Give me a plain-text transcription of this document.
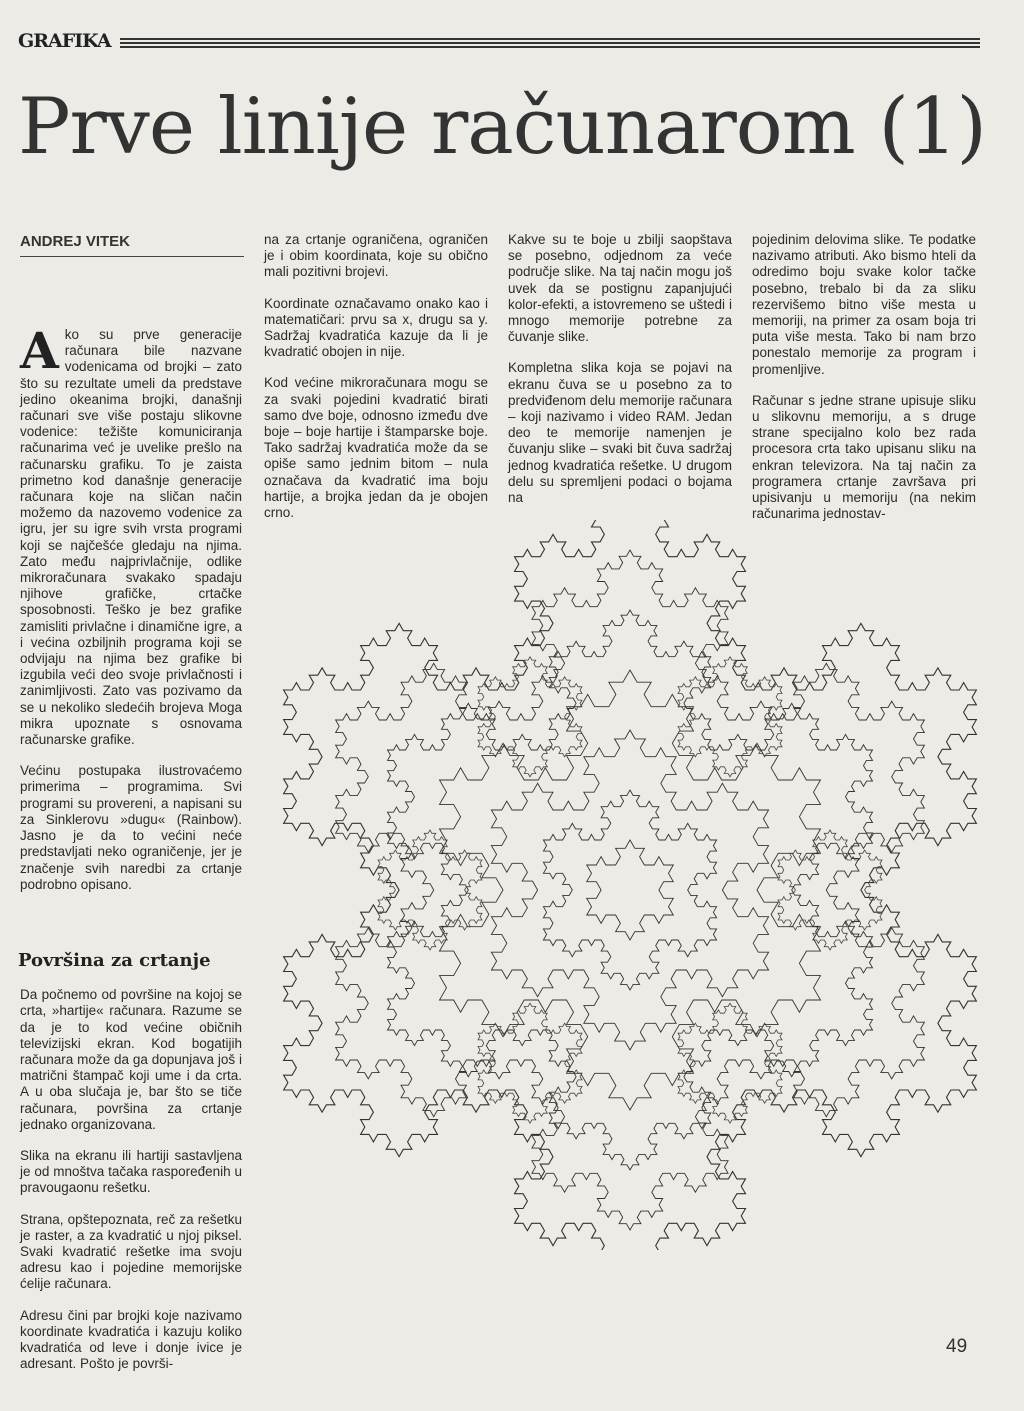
GRAFIKA
Prve linije računarom (1)
ANDREJ VITEK

Ako su prve generacije računara bile nazvane vodenicama od brojki – zato što su rezultate umeli da predstave jedino okeanima brojki, današnji računari sve više postaju slikovne vodenice: težište komuniciranja računarima već je uvelike prešlo na računarsku grafiku. To je zaista primetno kod današnje generacije računara koje na sličan način možemo da nazovemo vodenice za igru, jer su igre svih vrsta programi koji se najčešće gledaju na njima. Zato među najprivlačnije, odlike mikroračunara svakako spadaju njihove grafičke, crtačke sposobnosti. Teško je bez grafike zamisliti privlačne i dinamične igre, a i većina ozbiljnih programa koji se odvijaju na njima bez grafike bi izgubila veći deo svoje privlačnosti i zanimljivosti. Zato vas pozivamo da se u nekoliko sledećih brojeva Moga mikra upoznate s osnovama računarske grafike.

Većinu postupaka ilustrovaćemo primerima – programima. Svi programi su provereni, a napisani su za Sinklerovu »dugu« (Rainbow). Jasno je da to većini neće predstavljati neko ograničenje, jer je značenje svih naredbi za crtanje podrobno opisano.

Površina za crtanje

Da počnemo od površine na kojoj se crta, »hartije« računara. Razume se da je to kod većine običnih televizijski ekran. Kod bogatijih računara može da ga dopunjava još i matrični štampač koji ume i da crta. A u oba slučaja je, bar što se tiče računara, površina za crtanje jednako organizovana.

Slika na ekranu ili hartiji sastavljena je od mnoštva tačaka raspoređenih u pravougaonu rešetku.

Strana, opštepoznata, reč za rešetku je raster, a za kvadratić u njoj piksel. Svaki kvadratić rešetke ima svoju adresu kao i pojedine memorijske ćelije računara.

Adresu čini par brojki koje nazivamo koordinate kvadratića i kazuju koliko kvadratića od leve i donje ivice je adresant. Pošto je površi-

na za crtanje ograničena, ograničen je i obim koordinata, koje su obično mali pozitivni brojevi.

Koordinate označavamo onako kao i matematičari: prvu sa x, drugu sa y. Sadržaj kvadratića kazuje da li je kvadratić obojen in nije.

Kod većine mikroračunara mogu se za svaki pojedini kvadratić birati samo dve boje, odnosno između dve boje – boje hartije i štamparske boje. Tako sadržaj kvadratića može da se opiše samo jednim bitom – nula označava da kvadratić ima boju hartije, a brojka jedan da je obojen crno.

Kakve su te boje u zbilji saopštava se posebno, odjednom za veće područje slike. Na taj način mogu još uvek da se postignu zapanjujući kolor-efekti, a istovremeno se uštedi i mnogo memorije potrebne za čuvanje slike.

Kompletna slika koja se pojavi na ekranu čuva se u posebno za to predviđenom delu memorije računara – koji nazivamo i video RAM. Jedan deo te memorije namenjen je čuvanju slike – svaki bit čuva sadržaj jednog kvadratića rešetke. U drugom delu su spremljeni podaci o bojama na

pojedinim delovima slike. Te podatke nazivamo atributi. Ako bismo hteli da odredimo boju svake kolor tačke posebno, trebalo bi da za sliku rezervišemo bitno više mesta u memoriji, na primer za osam boja tri puta više mesta. Tako bi nam brzo ponestalo memorije za program i promenljive.

Računar s jedne strane upisuje sliku u slikovnu memoriju, a s druge strane specijalno kolo bez rada procesora crta tako upisanu sliku na enkran televizora. Na taj način za programera crtanje završava pri upisivanju u memoriju (na nekim računarima jednostav-

49
